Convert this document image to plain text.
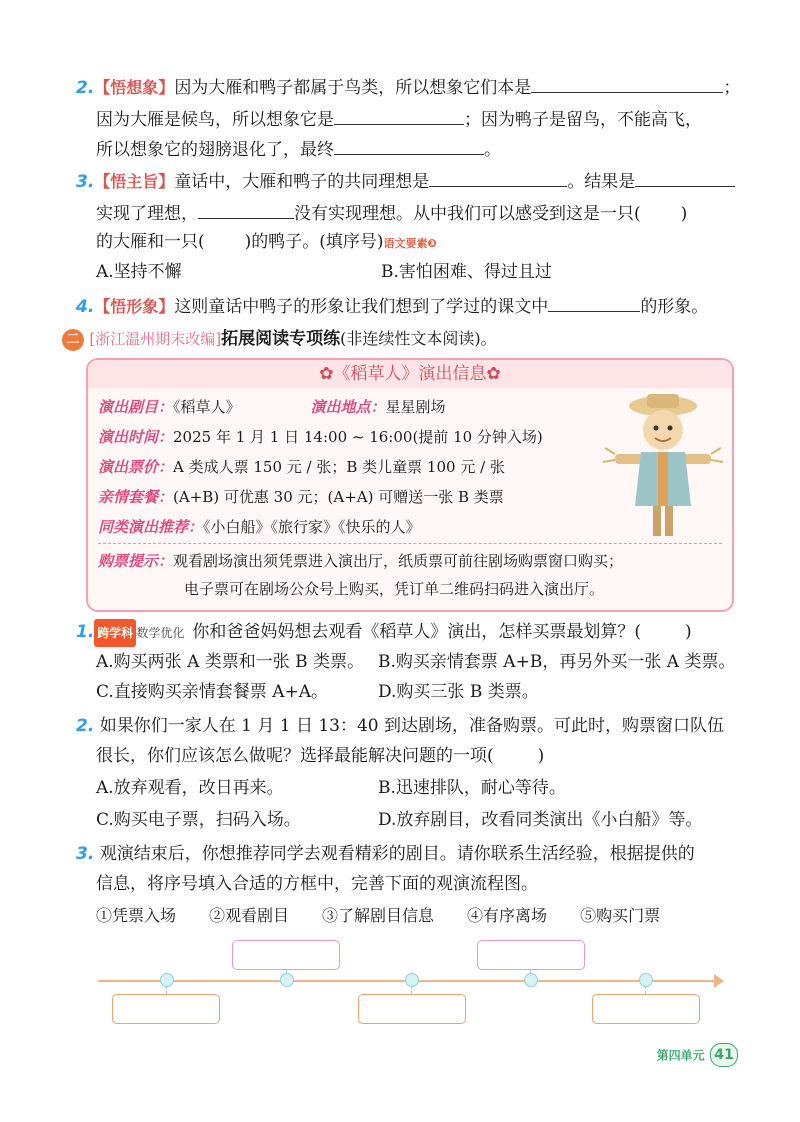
2.【悟想象】因为大雁和鸭子都属于鸟类，所以想象它们本是	；
因为大雁是候鸟，所以想象它是	；因为鸭子是留鸟，不能高飞，
所以想象它的翅膀退化了，最终	。
3.【悟主旨】童话中，大雁和鸭子的共同理想是	。结果是
实现了理想，	没有实现理想。从中我们可以感受到这是一只( )
的大雁和一只( )的鸭子。(填序号)语文要素❸
A.坚持不懈	B.害怕困难、得过且过
4.【悟形象】这则童话中鸭子的形象让我们想到了学过的课文中	的形象。
二 [浙江温州期末改编]拓展阅读专项练(非连续性文本阅读)。
✿《稻草人》演出信息✿
演出剧目：《稻草人》	演出地点：星星剧场
演出时间：2025 年 1 月 1 日 14:00 ~ 16:00(提前 10 分钟入场)
演出票价：A 类成人票 150 元 / 张；B 类儿童票 100 元 / 张
亲情套餐：(A+B) 可优惠 30 元；(A+A) 可赠送一张 B 类票
同类演出推荐：《小白船》《旅行家》《快乐的人》
购票提示：观看剧场演出须凭票进入演出厅，纸质票可前往剧场购票窗口购买；
电子票可在剧场公众号上购买，凭订单二维码扫码进入演出厅。
1. 跨学科 数学优化 你和爸爸妈妈想去观看《稻草人》演出，怎样买票最划算？(	)
A.购买两张 A 类票和一张 B 类票。 B.购买亲情套票 A+B，再另外买一张 A 类票。
C.直接购买亲情套餐票 A+A。	D.购买三张 B 类票。
2. 如果你们一家人在 1 月 1 日 13：40 到达剧场，准备购票。可此时，购票窗口队伍
很长，你们应该怎么做呢？选择最能解决问题的一项(	)
A.放弃观看，改日再来。	B.迅速排队，耐心等待。
C.购买电子票，扫码入场。	D.放弃剧目，改看同类演出《小白船》等。
3. 观演结束后，你想推荐同学去观看精彩的剧目。请你联系生活经验，根据提供的
信息，将序号填入合适的方框中，完善下面的观演流程图。
①凭票入场 ②观看剧目 ③了解剧目信息 ④有序离场 ⑤购买门票
第四单元 41
